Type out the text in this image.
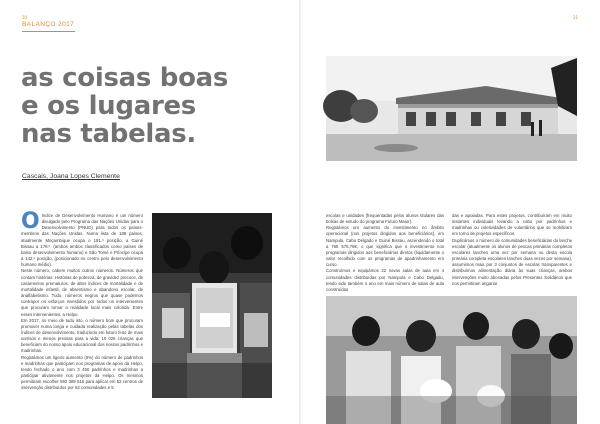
20
BALANÇO 2017
as coisas boas
e os lugares
nas tabelas.
Cascais, Joana Lopes Clemente
O Índice de Desenvolvimento Humano é um número divulgado pelo Programa das Nações Unidas para o Desenvolvimento (PNUD) para todos os países-membros das Nações Unidas. Numa lista de 188 países, atualmente Moçambique ocupa o 181.º posição, a Guiné Bissau a 178.º, (ambos ambos classificados como países de baixo desenvolvimento humano) e São Tomé e Príncipe ocupa a 142.º posição, (posicionado no centro pelo desenvolvimento humano médio).

Neste número, cabem muitos outros números. Números que contam histórias. Histórias de pobreza, de gravidez precoce, de casamentos prematuros, de altos índices de mortalidade e de mortalidade infantil, de absentismo e abandono escolar, de analfabetismo. Tudo, números negros que quase podemos contrapor os esforços investidos por todos os intervenientes que procuram tornar a realidade local mais colorida. Entre esses intervenientes, a Helpo.

Em 2017, no meio de tudo isto, o número bom que procuram promover numa longa e cuidada realização pelas tabelas dos índices de desenvolvimento, traduzindo em futuro feito de mais sorrisos e menos pressas para a vida: 10 026 crianças que beneficiam do nosso apoio educacional dos nossos padrinhos e madrinhas.

Registámos um ligeiro aumento (6%) do número de padrinhos e madrinhas que participam nos programas de apoio da Helpo, tendo fechado o ano com 3 450 padrinhos e madrinhas a participar ativamente nos projetos da Helpo. Os mesmos permitiram escolher 592 389 516 para aplicar em 52 centros de intervenção distribuídos por 52 comunidades e 5

21

escolas e unidades (frequentadas pelos alunos titulares das bolsas de estudo do programa Futuro Maior).

Registámos um aumento do investimento no âmbito operacional (nos projetos dirigidos aos beneficiários), em Nampula, Cabo Delgado e Guiné Bissau, ascendendo o total a 765 575,78€, o que significa que o investimento nos programas dirigidos aos beneficiários diretos (liquidamente o valor recolhido com os programas de apadrinhamento em curso.

Construímos e equipámos 22 novas salas de aula em 4 comunidades distribuídas por Nampula e Cabo Delgado, tendo sido também o ano em mais número de salas de aula construídas

das e apoiadas. Para estes projetos, contribuíram em muito instantes individuais levando a cabo por padrinhos e madrinhas ou coletividades de voluntários que se mobilizam em torno de projetos específicos.

Duplicámos o número de comunidades beneficiárias do lanche escolar (atualmente os alunos de pescas primárias completos escolares lanches uma vez por semana ou desta escola primária completa escolares lanches duas vezes por semana), assumimos mais por 3 conjuntos de escolas transparentes e distribuímos alimentação diária às suas crianças, ambos intervenções muito abonadas pelos Presentes Solidários que nos permitiram angariar
